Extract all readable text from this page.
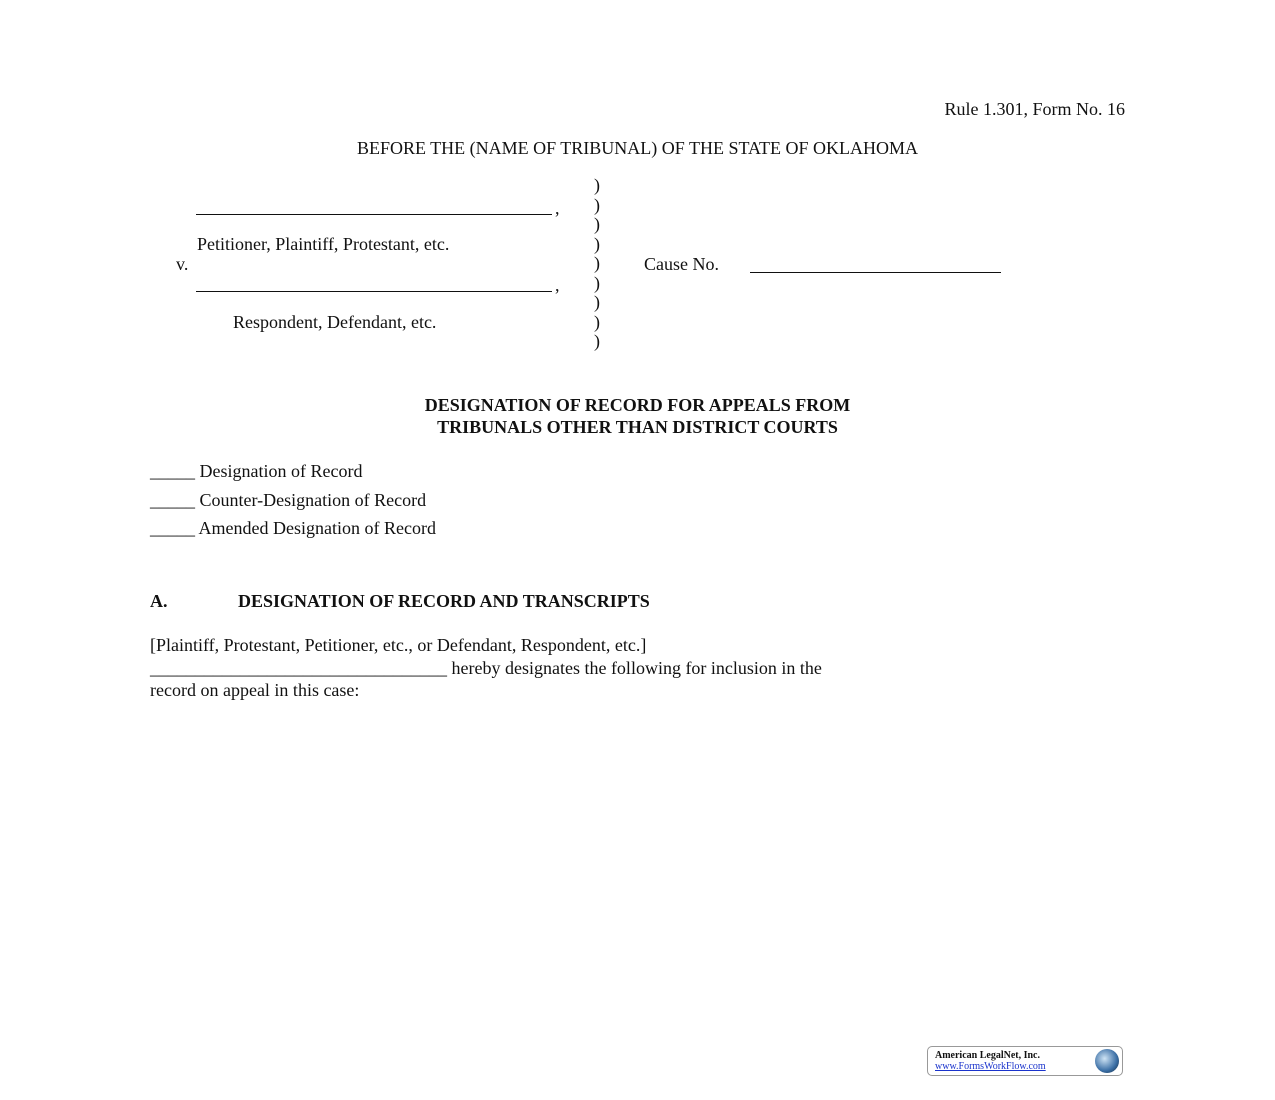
Rule 1.301, Form No. 16
BEFORE THE (NAME OF TRIBUNAL) OF THE STATE OF OKLAHOMA
)
)
)
)
)
)
)
)
)
,
Petitioner, Plaintiff, Protestant, etc.
v.
,
Respondent, Defendant, etc.
Cause No.
DESIGNATION OF RECORD FOR APPEALS FROM
TRIBUNALS OTHER THAN DISTRICT COURTS
_____ Designation of Record
_____ Counter-Designation of Record
_____ Amended Designation of Record
A.	DESIGNATION OF RECORD AND TRANSCRIPTS
[Plaintiff, Protestant, Petitioner, etc., or Defendant, Respondent, etc.]
_________________________________ hereby designates the following for inclusion in the
record on appeal in this case:
American LegalNet, Inc.
www.FormsWorkFlow.com
